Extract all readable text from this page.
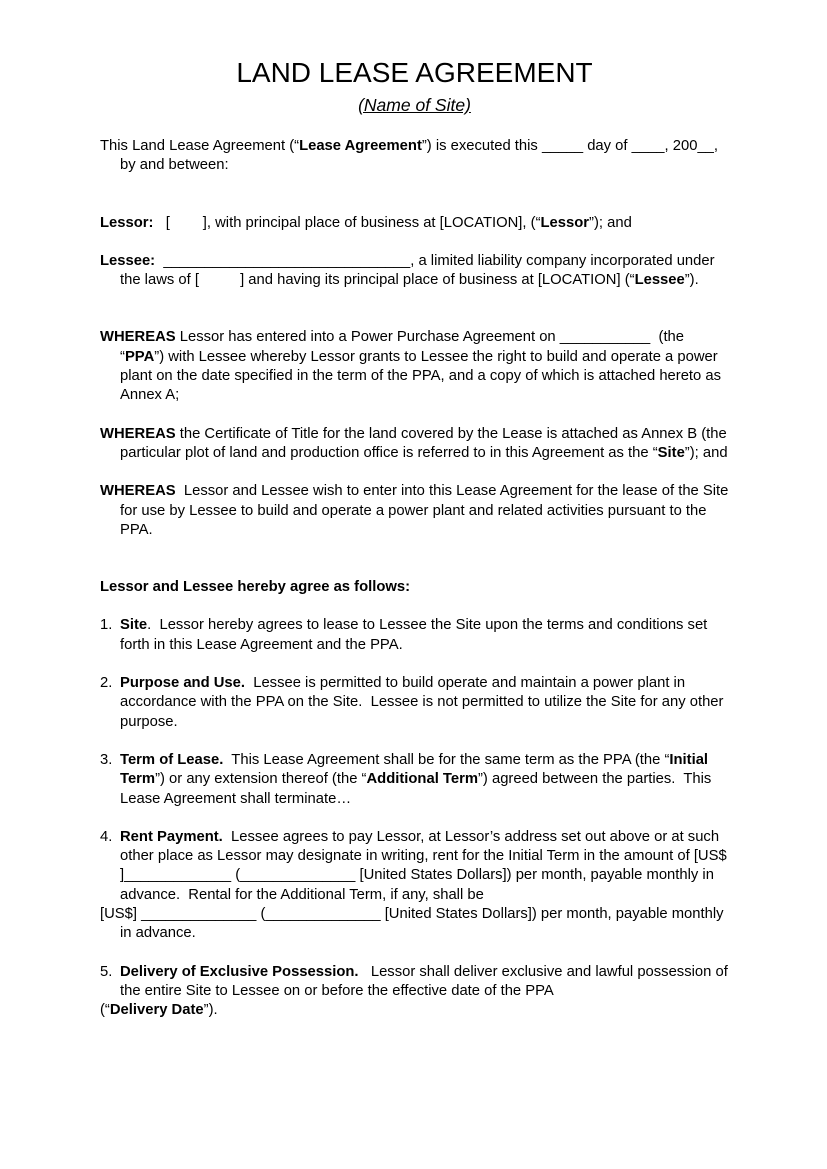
LAND LEASE AGREEMENT
(Name of Site)

This Land Lease Agreement (“Lease Agreement”) is executed this _____ day of ____, 200__, by and between:

Lessor:   [        ], with principal place of business at [LOCATION], (“Lessor”); and

Lessee:  ______________________________, a limited liability company incorporated under the laws of [          ] and having its principal place of business at [LOCATION] (“Lessee”).

WHEREAS Lessor has entered into a Power Purchase Agreement on ___________  (the “PPA”) with Lessee whereby Lessor grants to Lessee the right to build and operate a power plant on the date specified in the term of the PPA, and a copy of which is attached hereto as Annex A;

WHEREAS the Certificate of Title for the land covered by the Lease is attached as Annex B (the particular plot of land and production office is referred to in this Agreement as the “Site”); and

WHEREAS  Lessor and Lessee wish to enter into this Lease Agreement for the lease of the Site for use by Lessee to build and operate a power plant and related activities pursuant to the PPA.

Lessor and Lessee hereby agree as follows:

1. Site.  Lessor hereby agrees to lease to Lessee the Site upon the terms and conditions set forth in this Lease Agreement and the PPA.

2. Purpose and Use.  Lessee is permitted to build operate and maintain a power plant in accordance with the PPA on the Site.  Lessee is not permitted to utilize the Site for any other purpose.

3. Term of Lease.  This Lease Agreement shall be for the same term as the PPA (the “Initial Term”) or any extension thereof (the “Additional Term”) agreed between the parties.  This Lease Agreement shall terminate…

4. Rent Payment.  Lessee agrees to pay Lessor, at Lessor’s address set out above or at such other place as Lessor may designate in writing, rent for the Initial Term in the amount of [US$ ]_____________ (______________ [United States Dollars]) per month, payable monthly in advance.  Rental for the Additional Term, if any, shall be

[US$] ______________ (______________ [United States Dollars]) per month, payable monthly in advance.

5. Delivery of Exclusive Possession.   Lessor shall deliver exclusive and lawful possession of the entire Site to Lessee on or before the effective date of the PPA

(“Delivery Date”).
